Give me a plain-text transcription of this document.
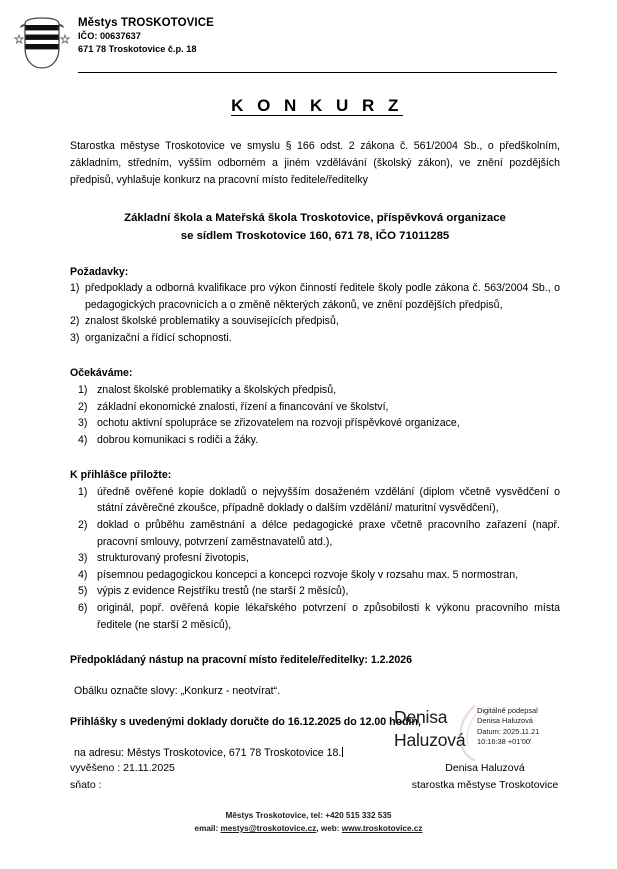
Městys TROSKOTOVICE
IČO: 00637637
671 78 Troskotovice č.p. 18
K O N K U R Z

Starostka městyse Troskotovice ve smyslu § 166 odst. 2 zákona č. 561/2004 Sb., o předškolním, základním, středním, vyšším odborném a jiném vzdělávání (školský zákon), ve znění pozdějších předpisů, vyhlašuje konkurz na pracovní místo ředitele/ředitelky

Základní škola a Mateřská škola Troskotovice, příspěvková organizace
se sídlem Troskotovice 160, 671 78, IČO 71011285

Požadavky:

1) předpoklady a odborná kvalifikace pro výkon činností ředitele školy podle zákona č. 563/2004 Sb., o pedagogických pracovnicích a o změně některých zákonů, ve znění pozdějších předpisů,
2) znalost školské problematiky a souvisejících předpisů,
3) organizační a řídící schopnosti.

Očekáváme:

1) znalost školské problematiky a školských předpisů,
2) základní ekonomické znalosti, řízení a financování ve školství,
3) ochotu aktivní spolupráce se zřizovatelem na rozvoji příspěvkové organizace,
4) dobrou komunikaci s rodiči a žáky.

K přihlášce přiložte:

1) úředně ověřené kopie dokladů o nejvyšším dosaženém vzdělání (diplom včetně vysvědčení o státní závěrečné zkoušce, případně doklady o dalším vzdělání/ maturitní vysvědčení),
2) doklad o průběhu zaměstnání a délce pedagogické praxe včetně pracovního zařazení (např. pracovní smlouvy, potvrzení zaměstnavatelů atd.),
3) strukturovaný profesní životopis,
4) písemnou pedagogickou koncepci a koncepci rozvoje školy v rozsahu max. 5 normostran,
5) výpis z evidence Rejstříku trestů (ne starší 2 měsíců),
6) originál, popř. ověřená kopie lékařského potvrzení o způsobilosti k výkonu pracovního místa ředitele (ne starší 2 měsíců),

Předpokládaný nástup na pracovní místo ředitele/ředitelky: 1.2.2026

Obálku označte slovy: „Konkurz - neotvírat“.

Přihlášky s uvedenými doklady doručte do 16.12.2025 do 12.00 hodin,

na adresu: Městys Troskotovice, 671 78 Troskotovice 18.

Denisa
Haluzová
Digitálně podepsal
Denisa Haluzová
Datum: 2025.11.21
10:16:38 +01'00'
Denisa Haluzová
starostka městyse Troskotovice
vyvěšeno : 21.11.2025
sňato :
Městys Troskotovice, tel: +420 515 332 535
email: mestys@troskotovice.cz, web: www.troskotovice.cz
